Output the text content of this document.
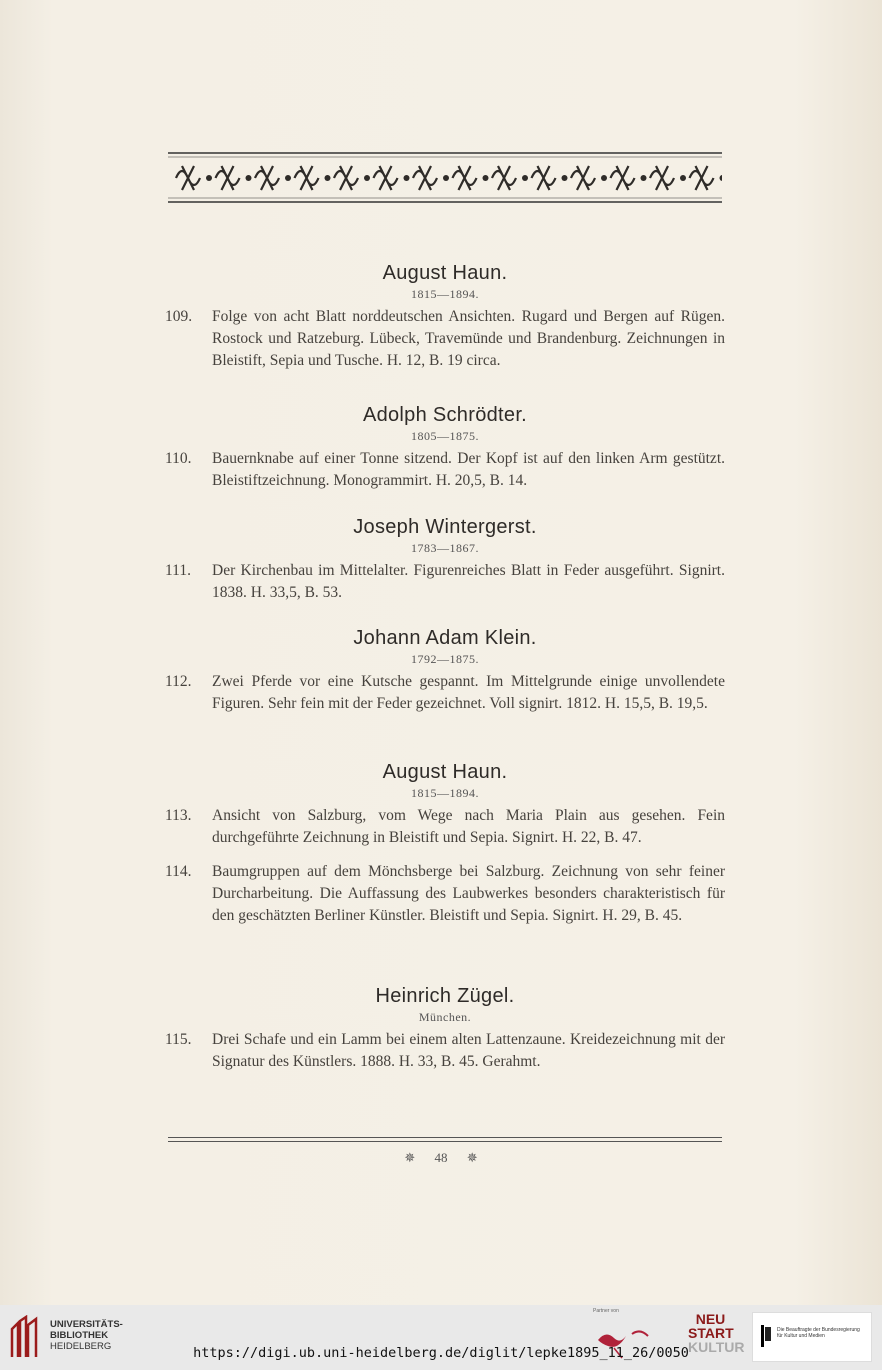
August Haun.
1815—1894.
109.	Folge von acht Blatt norddeutschen Ansichten. Rugard und Bergen auf Rügen. Rostock und Ratzeburg. Lübeck, Travemünde und Brandenburg. Zeichnungen in Bleistift, Sepia und Tusche. H. 12, B. 19 circa.
Adolph Schrödter.
1805—1875.
110.	Bauernknabe auf einer Tonne sitzend. Der Kopf ist auf den linken Arm gestützt. Bleistiftzeichnung. Monogrammirt. H. 20,5, B. 14.
Joseph Wintergerst.
1783—1867.
111.	Der Kirchenbau im Mittelalter. Figurenreiches Blatt in Feder ausgeführt. Signirt. 1838. H. 33,5, B. 53.
Johann Adam Klein.
1792—1875.
112.	Zwei Pferde vor eine Kutsche gespannt. Im Mittelgrunde einige unvollendete Figuren. Sehr fein mit der Feder gezeichnet. Voll signirt. 1812. H. 15,5, B. 19,5.
August Haun.
1815—1894.
113.	Ansicht von Salzburg, vom Wege nach Maria Plain aus gesehen. Fein durchgeführte Zeichnung in Bleistift und Sepia. Signirt. H. 22, B. 47.
114.	Baumgruppen auf dem Mönchsberge bei Salzburg. Zeichnung von sehr feiner Durcharbeitung. Die Auffassung des Laubwerkes besonders charakteristisch für den geschätzten Berliner Künstler. Bleistift und Sepia. Signirt. H. 29, B. 45.
Heinrich Zügel.
München.
115.	Drei Schafe und ein Lamm bei einem alten Lattenzaune. Kreidezeichnung mit der Signatur des Künstlers. 1888. H. 33, B. 45. Gerahmt.
✵ 48 ✵
UNIVERSITÄTS-
BIBLIOTHEK
HEIDELBERG
Partner von	NEU
START
KULTUR
Die Beauftragte der Bundesregierung für Kultur und Medien
https://digi.ub.uni-heidelberg.de/diglit/lepke1895_11_26/0050
